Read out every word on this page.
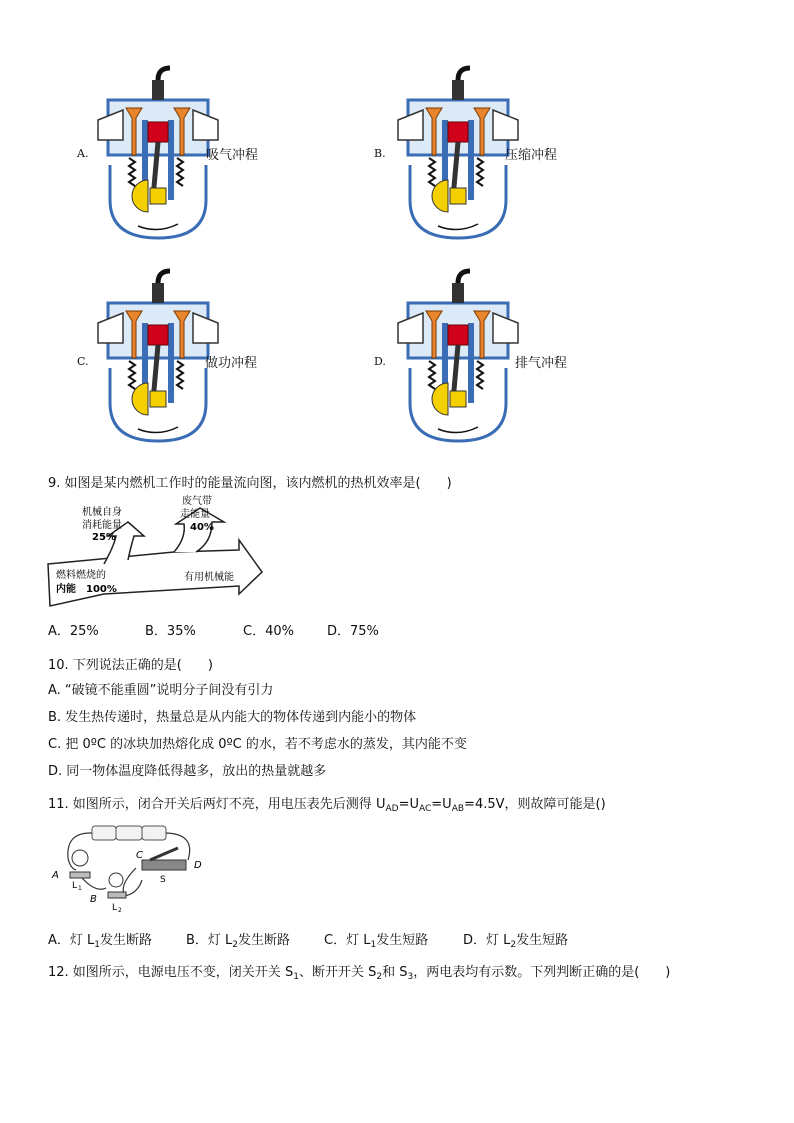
A.	吸气冲程	B.	压缩冲程
C.	做功冲程	D.	排气冲程
9. 如图是某内燃机工作时的能量流向图，该内燃机的热机效率是(　　)
机械自身
消耗能量
25%
废气带
走能量
40%
燃料燃烧的
内能　100%
有用机械能
A．25%	B．35%	C．40%	D．75%
10. 下列说法正确的是(　　)
A. “破镜不能重圆”说明分子间没有引力
B. 发生热传递时，热量总是从内能大的物体传递到内能小的物体
C. 把 0ºC 的冰块加热熔化成 0ºC 的水，若不考虑水的蒸发，其内能不变
D. 同一物体温度降低得越多，放出的热量就越多
11. 如图所示，闭合开关后两灯不亮，用电压表先后测得 $U_{AD}=U_{AC}=U_{AB}=4.5V$，则故障可能是()
A
B
C
D
S
L 1
L 2
A．灯 $L_1$发生断路	B．灯 $L_2$发生断路	C．灯 $L_1$发生短路	D．灯 $L_2$发生短路
12. 如图所示，电源电压不变，闭关开关 $S_1$、断开开关 $S_2$和 $S_3$，两电表均有示数。下列判断正确的是(　　)
